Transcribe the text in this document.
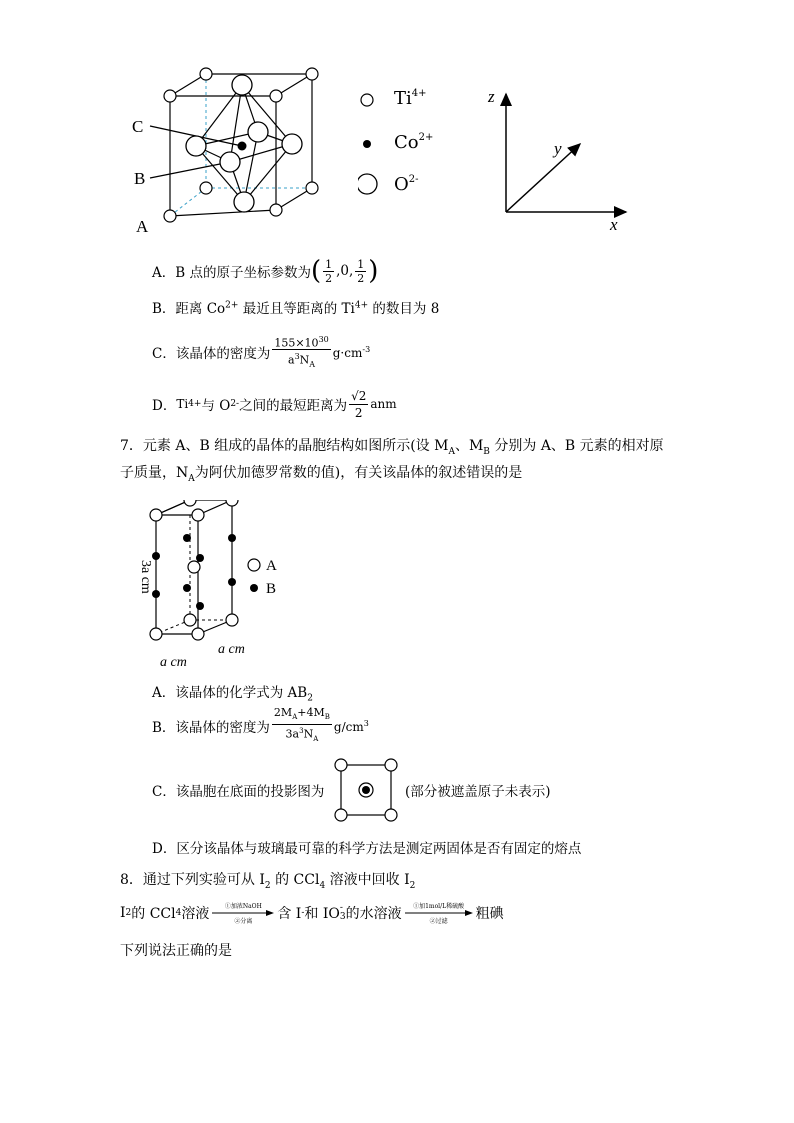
C
B
A
$Ti^{4+}$
$Co^{2+}$
$O^{2-}$
z
y
x
A．B 点的原子坐标参数为 ( $\frac{1}{2} ,0$, $\frac{1}{2}$ )
B．距离 $Co^{2+}$ 最近且等距离的 $Ti^{4+}$ 的数目为 8
C．该晶体的密度为 $\frac{155\times 10^{30}}{a^3N_A} g\cdot cm^{-3}$
D． Ti 4+ 与 O 2- 之间的最短距离为 $\frac{√2}{2}$ anm
7．元素 A、B 组成的晶体的晶胞结构如图所示(设 $M_A$、$M_B$ 分别为 A、B 元素的相对原
子质量，$N_A$为阿伏加德罗常数的值)，有关该晶体的叙述错误的是
3a cm
a cm
a cm
A
B
A．该晶体的化学式为 $AB_2$
B．该晶体的密度为 $\frac{2M_A+4M_B}{3a^3N_A} g/cm^3$
C．该晶胞在底面的投影图为	(部分被遮盖原子未表示)
D．区分该晶体与玻璃最可靠的科学方法是测定两固体是否有固定的熔点
8．通过下列实验可从 $I_2$ 的 CCl$_4$ 溶液中回收 $I_2$
I 2 的 CCl 4 溶液	①加浓NaOH
②分离 含 I - 和 IO -
3 的水溶液 ①加1mol/L稀硫酸
②过滤 粗碘
下列说法正确的是
